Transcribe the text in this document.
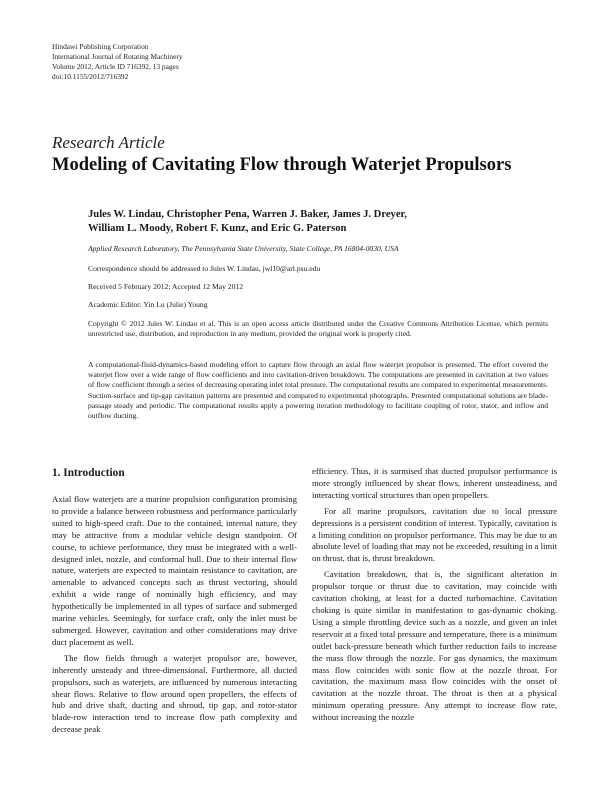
Hindawi Publishing Corporation
International Journal of Rotating Machinery
Volume 2012, Article ID 716392, 13 pages
doi:10.1155/2012/716392
Research Article
Modeling of Cavitating Flow through Waterjet Propulsors
Jules W. Lindau, Christopher Pena, Warren J. Baker, James J. Dreyer,
William L. Moody, Robert F. Kunz, and Eric G. Paterson
Applied Research Laboratory, The Pennsylvania State University, State College, PA 16804-0030, USA
Correspondence should be addressed to Jules W. Lindau, jwl10@arl.psu.edu
Received 5 February 2012; Accepted 12 May 2012
Academic Editor: Yin Lu (Julie) Young
Copyright © 2012 Jules W. Lindau et al. This is an open access article distributed under the Creative Commons Attribution License, which permits unrestricted use, distribution, and reproduction in any medium, provided the original work is properly cited.
A computational-fluid-dynamics-based modeling effort to capture flow through an axial flow waterjet propulsor is presented. The effort covered the waterjet flow over a wide range of flow coefficients and into cavitation-driven breakdown. The computations are presented in cavitation at two values of flow coefficient through a series of decreasing operating inlet total pressure. The computational results are compared to experimental measurements. Suction-surface and tip-gap cavitation patterns are presented and compared to experimental photographs. Presented computational solutions are blade-passage steady and periodic. The computational results apply a powering iteration methodology to facilitate coupling of rotor, stator, and inflow and outflow ducting.
1. Introduction

Axial flow waterjets are a marine propulsion configuration promising to provide a balance between robustness and performance particularly suited to high-speed craft. Due to the contained, internal nature, they may be attractive from a modular vehicle design standpoint. Of course, to achieve performance, they must be integrated with a well-designed inlet, nozzle, and conformal hull. Due to their internal flow nature, waterjets are expected to maintain resistance to cavitation, are amenable to advanced concepts such as thrust vectoring, should exhibit a wide range of nominally high efficiency, and may hypothetically be implemented in all types of surface and submerged marine vehicles. Seemingly, for surface craft, only the inlet must be submerged. However, cavitation and other considerations may drive duct placement as well.

The flow fields through a waterjet propulsor are, however, inherently unsteady and three-dimensional. Furthermore, all ducted propulsors, such as waterjets, are influenced by numerous interacting shear flows. Relative to flow around open propellers, the effects of hub and drive shaft, ducting and shroud, tip gap, and rotor-stator blade-row interaction tend to increase flow path complexity and decrease peak

efficiency. Thus, it is surmised that ducted propulsor performance is more strongly influenced by shear flows, inherent unsteadiness, and interacting vortical structures than open propellers.

For all marine propulsors, cavitation due to local pressure depressions is a persistent condition of interest. Typically, cavitation is a limiting condition on propulsor performance. This may be due to an absolute level of loading that may not be exceeded, resulting in a limit on thrust, that is, thrust breakdown.

Cavitation breakdown, that is, the significant alteration in propulsor torque or thrust due to cavitation, may coincide with cavitation choking, at least for a ducted turbomachine. Cavitation choking is quite similar in manifestation to gas-dynamic choking. Using a simple throttling device such as a nozzle, and given an inlet reservoir at a fixed total pressure and temperature, there is a minimum outlet back-pressure beneath which further reduction fails to increase the mass flow through the nozzle. For gas dynamics, the maximum mass flow coincides with sonic flow at the nozzle throat. For cavitation, the maximum mass flow coincides with the onset of cavitation at the nozzle throat. The throat is then at a physical minimum operating pressure. Any attempt to increase flow rate, without increasing the nozzle
